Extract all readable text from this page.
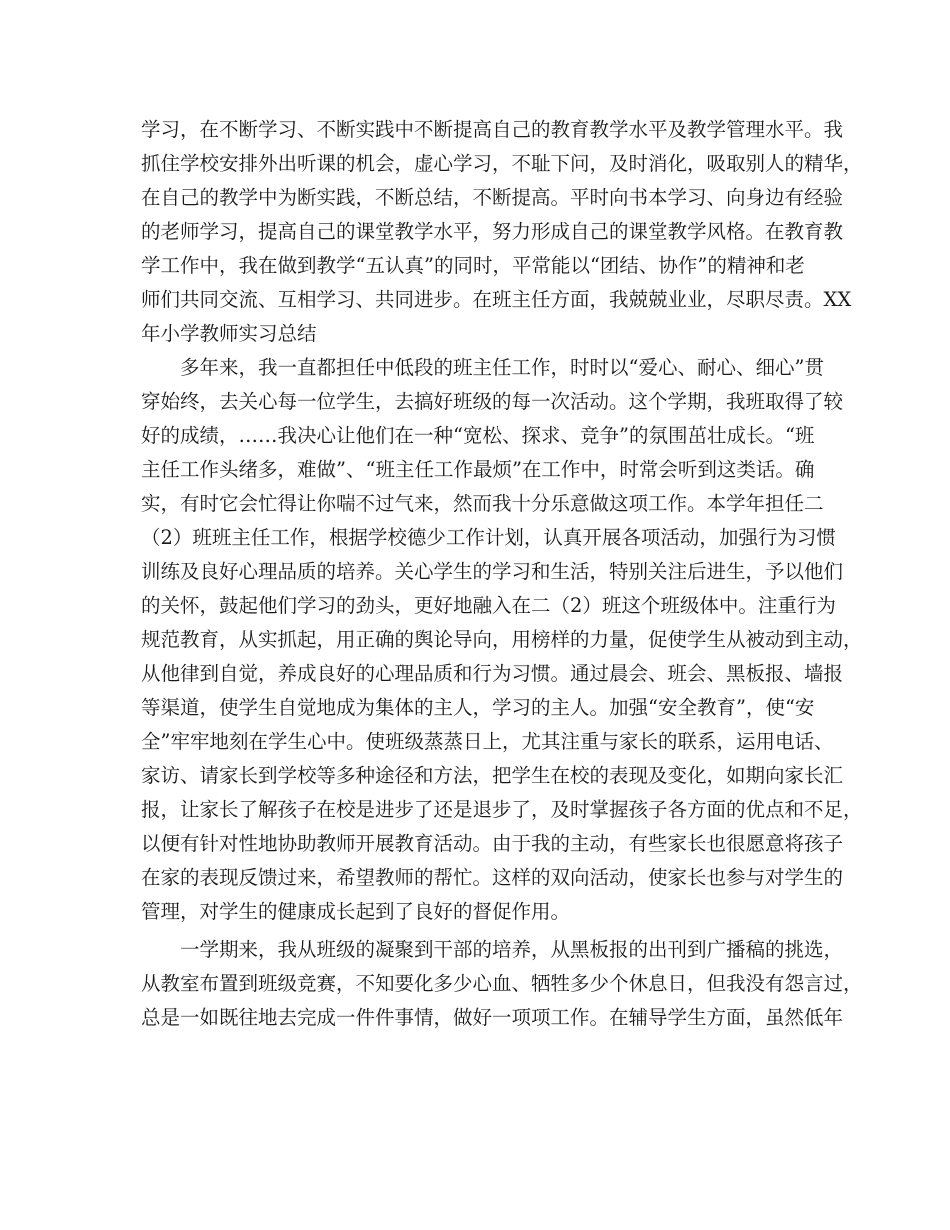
学习，在不断学习、不断实践中不断提高自己的教育教学水平及教学管理水平。我
抓住学校安排外出听课的机会，虚心学习，不耻下问，及时消化，吸取别人的精华，
在自己的教学中为断实践，不断总结，不断提高。平时向书本学习、向身边有经验
的老师学习，提高自己的课堂教学水平，努力形成自己的课堂教学风格。在教育教
学工作中，我在做到教学“五认真”的同时，平常能以“团结、协作”的精神和老
师们共同交流、互相学习、共同进步。在班主任方面，我兢兢业业，尽职尽责。XX
年小学教师实习总结
多年来，我一直都担任中低段的班主任工作，时时以“爱心、耐心、细心”贯
穿始终，去关心每一位学生，去搞好班级的每一次活动。这个学期，我班取得了较
好的成绩，……我决心让他们在一种“宽松、探求、竞争”的氛围茁壮成长。“班
主任工作头绪多，难做”、“班主任工作最烦”在工作中，时常会听到这类话。确
实，有时它会忙得让你喘不过气来，然而我十分乐意做这项工作。本学年担任二
（2）班班主任工作，根据学校德少工作计划，认真开展各项活动，加强行为习惯
训练及良好心理品质的培养。关心学生的学习和生活，特别关注后进生，予以他们
的关怀，鼓起他们学习的劲头，更好地融入在二（2）班这个班级体中。注重行为
规范教育，从实抓起，用正确的舆论导向，用榜样的力量，促使学生从被动到主动，
从他律到自觉，养成良好的心理品质和行为习惯。通过晨会、班会、黑板报、墙报
等渠道，使学生自觉地成为集体的主人，学习的主人。加强“安全教育”，使“安
全”牢牢地刻在学生心中。使班级蒸蒸日上，尤其注重与家长的联系，运用电话、
家访、请家长到学校等多种途径和方法，把学生在校的表现及变化，如期向家长汇
报，让家长了解孩子在校是进步了还是退步了，及时掌握孩子各方面的优点和不足，
以便有针对性地协助教师开展教育活动。由于我的主动，有些家长也很愿意将孩子
在家的表现反馈过来，希望教师的帮忙。这样的双向活动，使家长也参与对学生的
管理，对学生的健康成长起到了良好的督促作用。
一学期来，我从班级的凝聚到干部的培养，从黑板报的出刊到广播稿的挑选，
从教室布置到班级竞赛，不知要化多少心血、牺牲多少个休息日，但我没有怨言过，
总是一如既往地去完成一件件事情，做好一项项工作。在辅导学生方面，虽然低年
